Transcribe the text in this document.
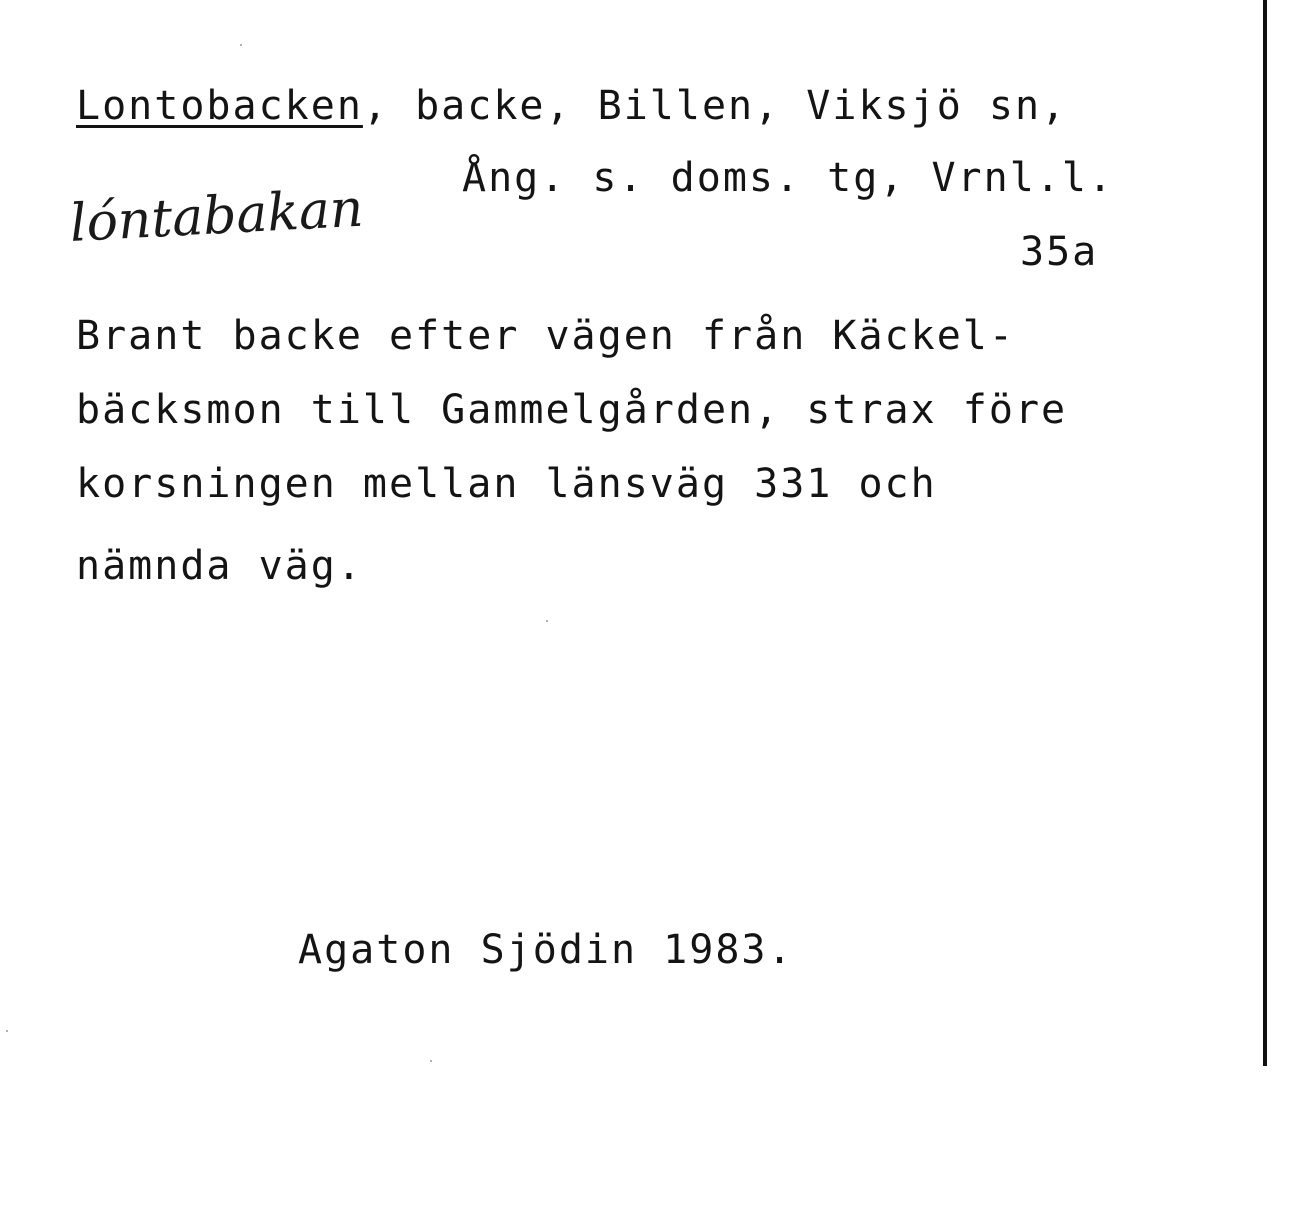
Lontobacken, backe, Billen, Viksjö sn,
Ång. s. doms. tg, Vrnl.l.
lóntabakan	35a
Brant backe efter vägen från Käckel-
bäcksmon till Gammelgården, strax före
korsningen mellan länsväg 331 och
nämnda väg.
Agaton Sjödin 1983.
